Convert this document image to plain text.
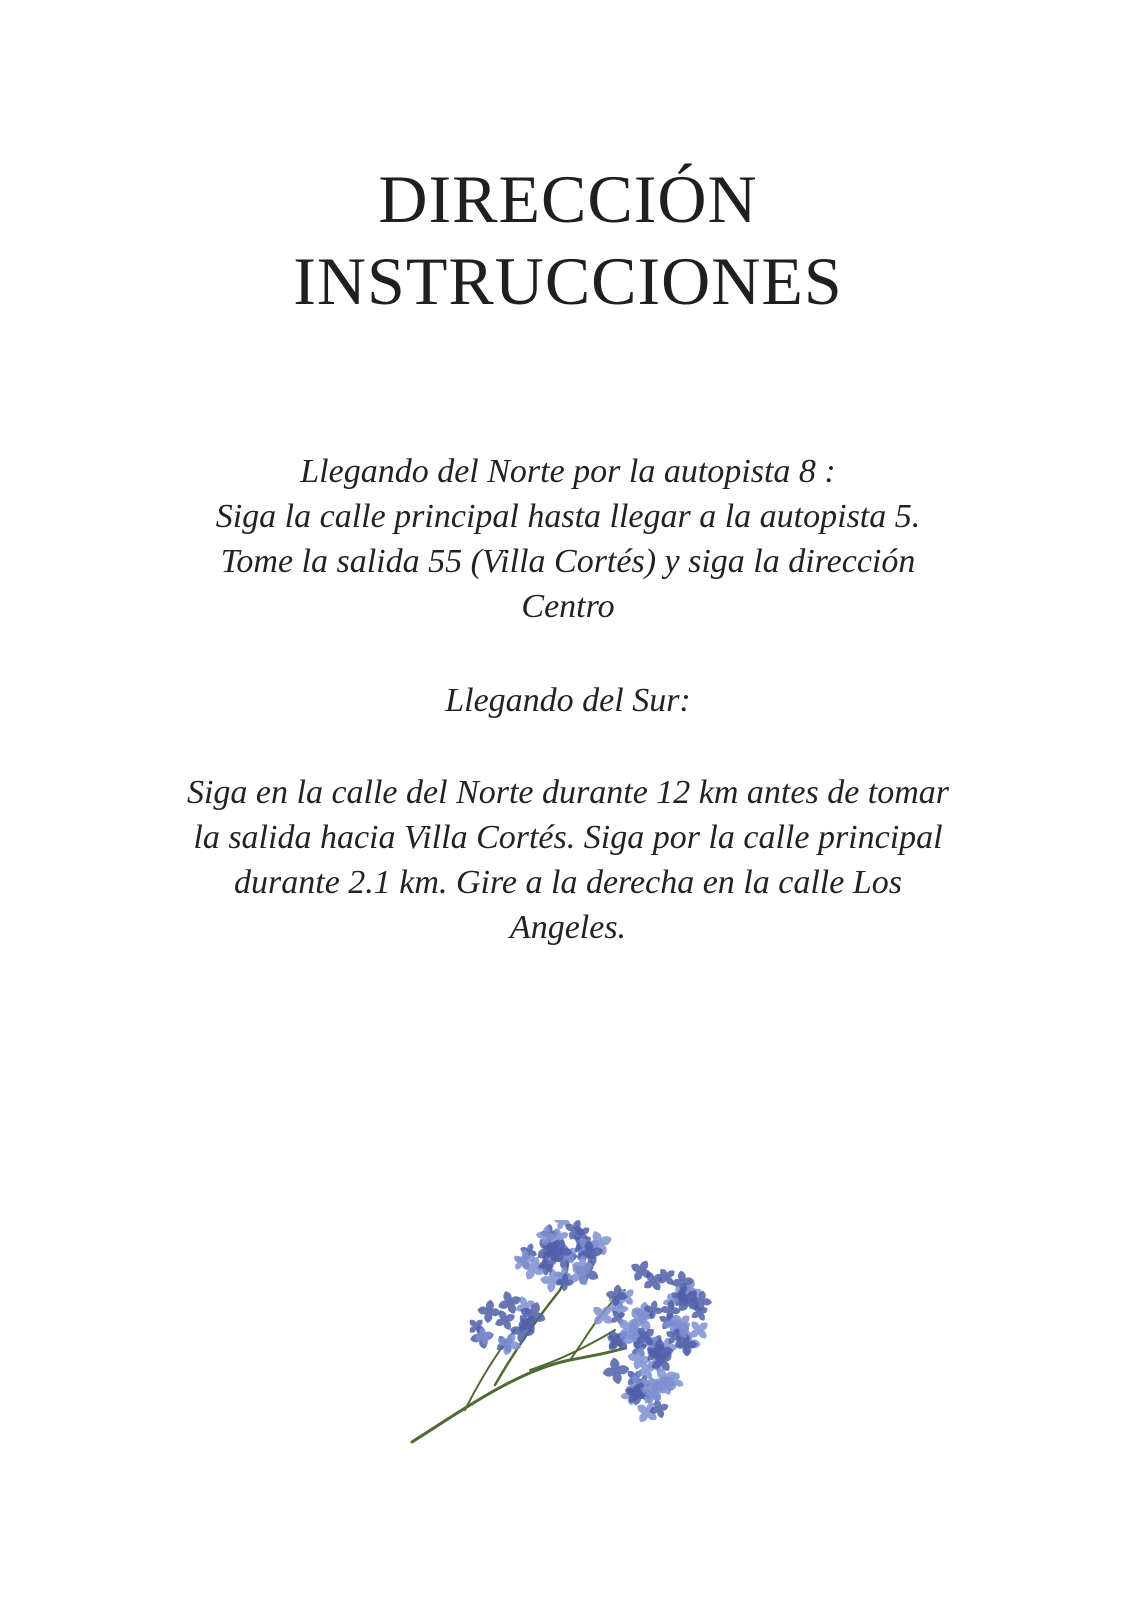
DIRECCIÓN
INSTRUCCIONES

Llegando del Norte por la autopista 8 :
Siga la calle principal hasta llegar a la autopista 5.
Tome la salida 55 (Villa Cortés) y siga la dirección
Centro

Llegando del Sur:

Siga en la calle del Norte durante 12 km antes de tomar
la salida hacia Villa Cortés. Siga por la calle principal
durante 2.1 km. Gire a la derecha en la calle Los
Angeles.
